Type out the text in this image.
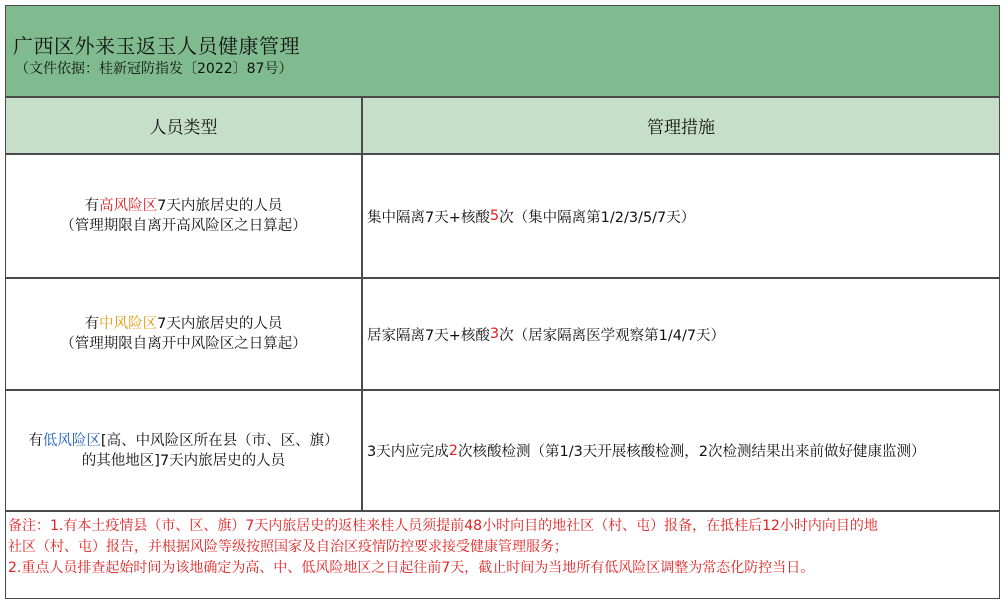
广西区外来玉返玉人员健康管理
（文件依据：桂新冠防指发〔2022〕87号）
人员类型	管理措施
有高风险区7天内旅居史的人员
（管理期限自离开高风险区之日算起）
集中隔离7天+核酸 5 次（集中隔离第1/2/3/5/7天）
有中风险区7天内旅居史的人员
（管理期限自离开中风险区之日算起）
居家隔离7天+核酸 3 次（居家隔离医学观察第1/4/7天）
有低风险区[高、中风险区所在县（市、区、旗）
的其他地区]7天内旅居史的人员
3天内应完成 2 次核酸检测（第1/3天开展核酸检测，2次检测结果出来前做好健康监测）
备注：1.有本土疫情县（市、区、旗）7天内旅居史的返桂来桂人员须提前48小时向目的地社区（村、屯）报备，在抵桂后12小时内向目的地
社区（村、屯）报告，并根据风险等级按照国家及自治区疫情防控要求接受健康管理服务；
2.重点人员排查起始时间为该地确定为高、中、低风险地区之日起往前7天，截止时间为当地所有低风险区调整为常态化防控当日。
